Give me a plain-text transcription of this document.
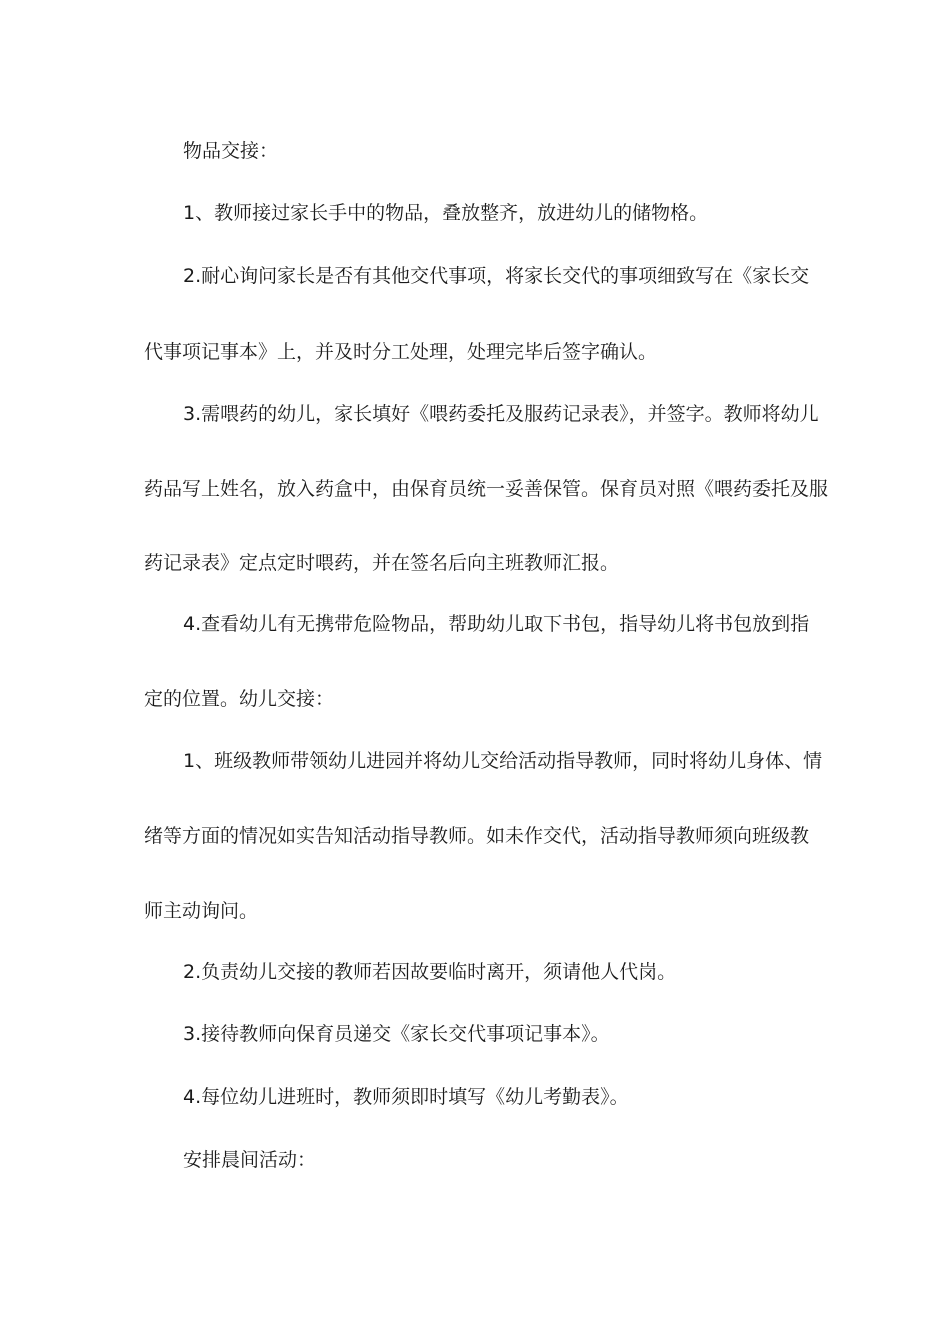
物品交接：
1、教师接过家长手中的物品，叠放整齐，放进幼儿的储物格。
2.耐心询问家长是否有其他交代事项，将家长交代的事项细致写在《家长交
代事项记事本》上，并及时分工处理，处理完毕后签字确认。
3.需喂药的幼儿，家长填好《喂药委托及服药记录表》，并签字。教师将幼儿
药品写上姓名，放入药盒中，由保育员统一妥善保管。保育员对照《喂药委托及服
药记录表》定点定时喂药，并在签名后向主班教师汇报。
4.查看幼儿有无携带危险物品，帮助幼儿取下书包，指导幼儿将书包放到指
定的位置。幼儿交接：
1、班级教师带领幼儿进园并将幼儿交给活动指导教师，同时将幼儿身体、情
绪等方面的情况如实告知活动指导教师。如未作交代，活动指导教师须向班级教
师主动询问。
2.负责幼儿交接的教师若因故要临时离开，须请他人代岗。
3.接待教师向保育员递交《家长交代事项记事本》。
4.每位幼儿进班时，教师须即时填写《幼儿考勤表》。
安排晨间活动：
